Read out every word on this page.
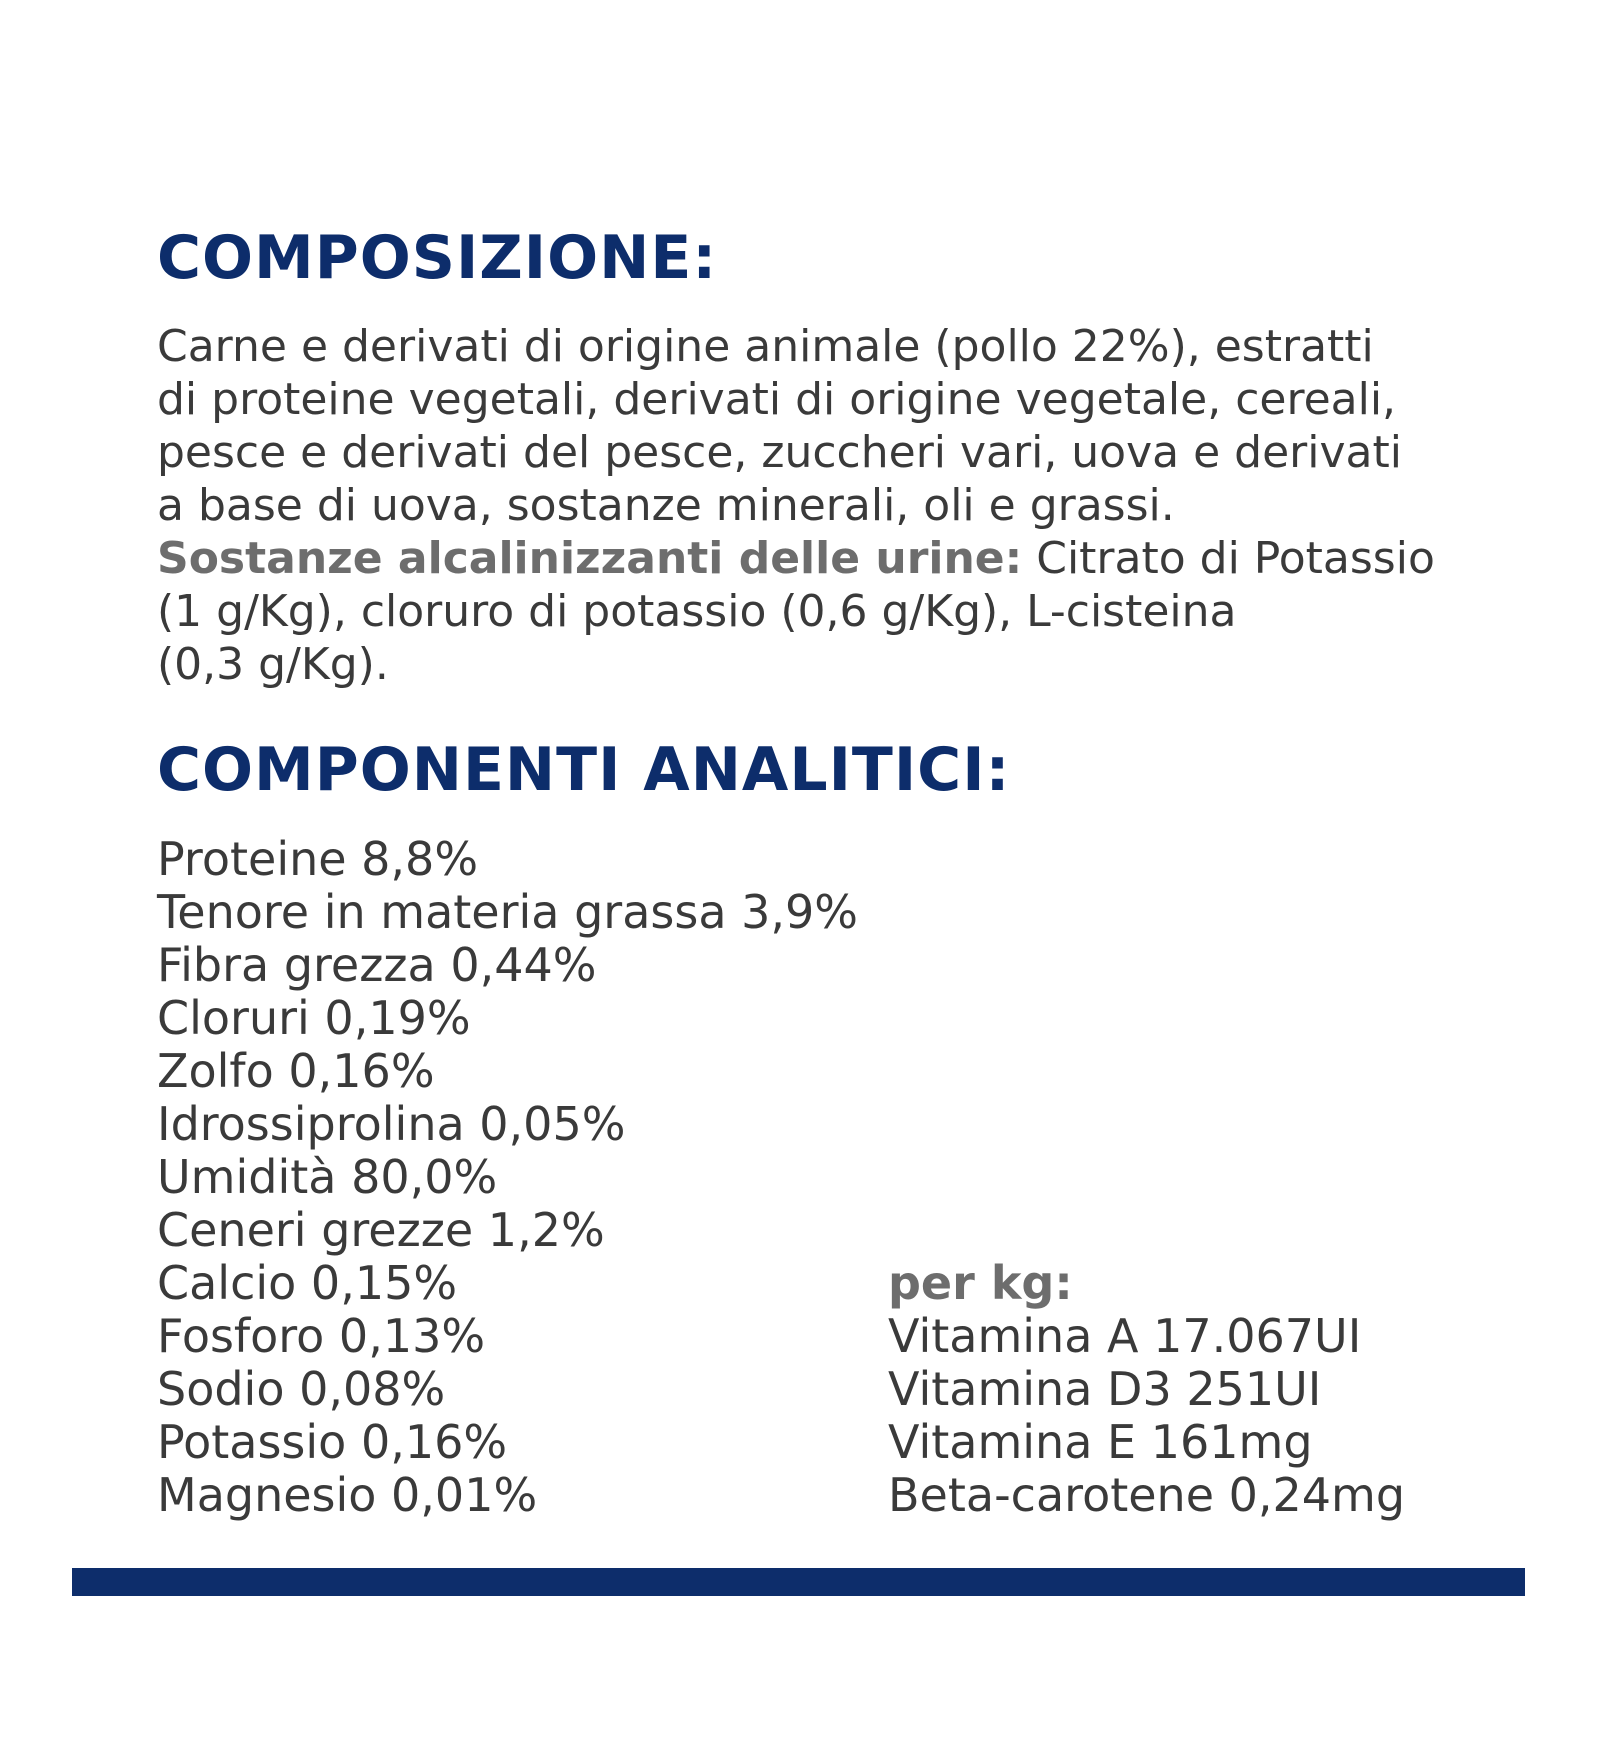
COMPOSIZIONE:
Carne e derivati di origine animale (pollo 22%), estratti
di proteine vegetali, derivati di origine vegetale, cereali,
pesce e derivati del pesce, zuccheri vari, uova e derivati
a base di uova, sostanze minerali, oli e grassi.
Sostanze alcalinizzanti delle urine: Citrato di Potassio
(1 g/Kg), cloruro di potassio (0,6 g/Kg), L-cisteina
(0,3 g/Kg).
COMPONENTI ANALITICI:
Proteine 8,8%
Tenore in materia grassa 3,9%
Fibra grezza 0,44%
Cloruri 0,19%
Zolfo 0,16%
Idrossiprolina 0,05%
Umidità 80,0%
Ceneri grezze 1,2%
Calcio 0,15%
Fosforo 0,13%
Sodio 0,08%
Potassio 0,16%
Magnesio 0,01%
per kg:
Vitamina A 17.067UI
Vitamina D3 251UI
Vitamina E 161mg
Beta-carotene 0,24mg
